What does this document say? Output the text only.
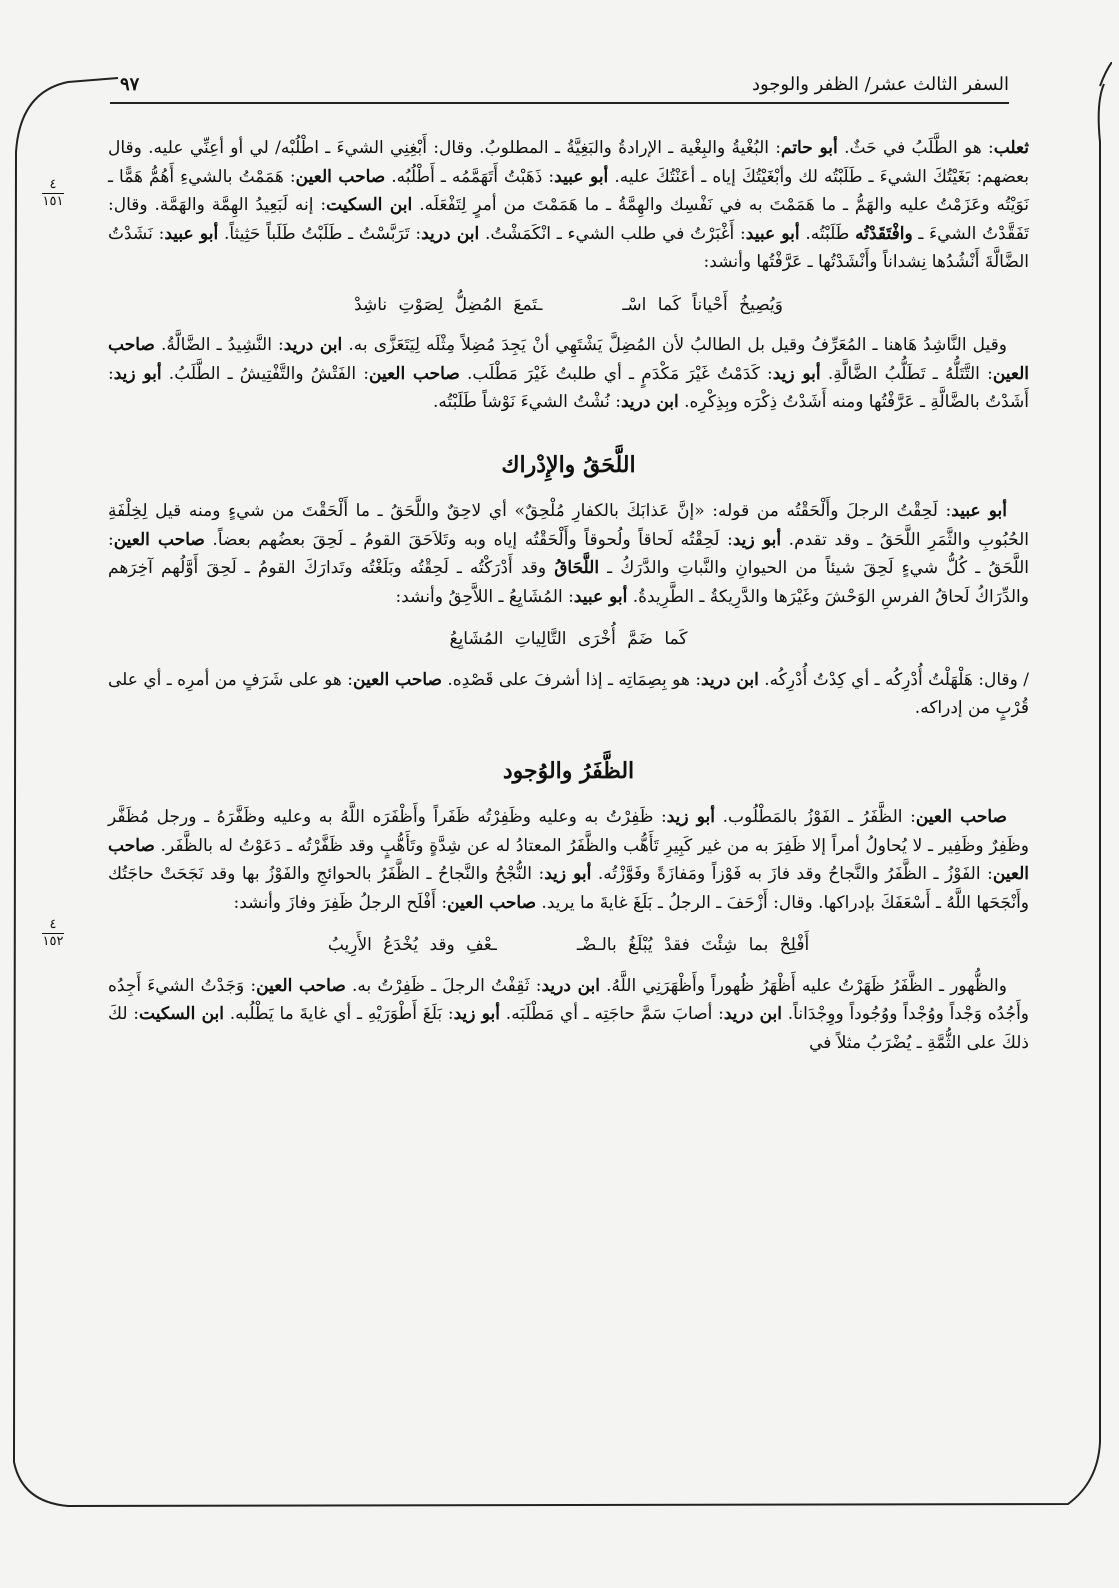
السفر الثالث عشر/ الظفر والوجود
٩٧
٤
١٥١
٤
١٥٢

ثعلب: هو الطَّلَبُ في حَثٌ. أبو حاتم: البُغْيةُ والبِغْية ـ الإرادةُ والبَغِيَّةُ ـ المطلوبُ. وقال: أَبْغِنِي الشيءَ ـ اطْلُبْه/ لي أو أعِنِّي عليه. وقال بعضهم: بَغَيْتُكَ الشيءَ ـ طَلَبْتُه لك وأبْغَيْتُكَ إياه ـ أعَنْتُكَ عليه. أبو عبيد: ذَهَبْتُ أَتَهَمَّمُه ـ أَطْلُبُه. صاحب العين: هَمَمْتُ بالشيءِ أَهُمُّ هَمًّا ـ نَوَيْتُه وعَزَمْتُ عليه والهَمُّ ـ ما هَمَمْتَ به في نَفْسِك والهِمَّةُ ـ ما هَمَمْتَ من أمرٍ لِتَفْعَلَه. ابن السكيت: إنه لَبَعِيدُ الهِمَّة والهَمَّة. وقال: تَفَقَّدْتُ الشيءَ ـ وافْتَقَدْتُه طَلَبْتُه. أبو عبيد: أَغْبَرْتُ في طلب الشيء ـ انْكَمَشْتُ. ابن دريد: تَرَبَّسْتُ ـ طَلَبْتُ طَلَباً حَثِيثاً. أبو عبيد: نَشَدْتُ الضَّالَّةَ أَنْشُدُها نِشداناً وأَنْشَدْتُها ـ عَرَّفْتُها وأنشد:

وَيُصِيخُ أَحْياناً كَما اسْــتَمعَ المُضِلُّ لِصَوْتِ ناشِدْ

وقيل النَّاشِدُ هَاهنا ـ المُعَرِّفُ وقيل بل الطالبُ لأن المُضِلَّ يَشْتَهِي أنْ يَجِدَ مُضِلاً مِثْلَه لِيَتَعَزَّى به. ابن دريد: النَّشِيدُ ـ الضَّالَّةُ. صاحب العين: التَّتَلُّهُ ـ تَطَلُّبُ الضَّالَّةِ. أبو زيد: كَدَمْتُ غَيْرَ مَكْدَمٍ ـ أي طلبتُ غَيْرَ مَطْلَب. صاحب العين: الفَتْشُ والتَّفْتِيشُ ـ الطَّلَبُ. أبو زيد: أَشَدْتُ بالضَّالَّةِ ـ عَرَّفْتُها ومنه أَشَدْتُ ذِكْرَه وبِذِكْرِه. ابن دريد: نُشْتُ الشيءَ نَوْشاً طَلَبْتُه.

اللَّحَقُ والإِدْراك

أبو عبيد: لَحِقْتُ الرجلَ وأَلْحَقْتُه من قوله: «إنَّ عَذابَكَ بالكفارِ مُلْحِقٌ» أي لاحِقٌ واللَّحَقُ ـ ما أَلْحَقْتَ من شيءٍ ومنه قيل لِخِلْفَةِ الحُبُوبِ والثَّمَرِ اللَّحَقُ ـ وقد تقدم. أبو زيد: لَحِقْتُه لَحاقاً ولُحوقاً وأَلْحَقْتُه إياه وبه وتَلاَحَقَ القومُ ـ لَحِقَ بعضُهم بعضاً. صاحب العين: اللَّحَقُ ـ كُلُّ شيءٍ لَحِقَ شيئاً من الحيوانِ والنَّباتِ والدَّرَكُ ـ اللَّحَاقُ وقد أَدْرَكْتُه ـ لَحِقْتُه وبَلَغْتُه وتَدارَكَ القومُ ـ لَحِقَ أَوَّلُهم آخِرَهم والدِّرَاكُ لَحاقُ الفرسِ الوَحْشَ وغَيْرَها والدَّرِيكةُ ـ الطَّرِيدةُ. أبو عبيد: المُشَايِعُ ـ اللاَّحِقُ وأنشد:

كَما ضَمَّ أُخْرَى التَّالِياتِ المُشَايِعُ

/ وقال: هَلْهَلْتُ أُدْرِكُه ـ أي كِدْتُ أُدْرِكُه. ابن دريد: هو بِصِمَاتِه ـ إذا أشرفَ على قَصْدِه. صاحب العين: هو على شَرَفٍ من أمرِه ـ أي على قُرْبٍ من إدراكه.

الظَّفَرُ والوُجود

صاحب العين: الظَّفَرُ ـ الفَوْزُ بالمَطْلُوب. أبو زيد: ظَفِرْتُ به وعليه وظَفِرْتُه ظَفَراً وأَظْفَرَه اللَّهُ به وعليه وظَفَّرَهُ ـ ورجل مُظَفَّر وظَفِرٌ وظَفِير ـ لا يُحاولُ أمراً إلا ظَفِرَ به من غير كَبِيرِ تَأَهُّب والظَّفَرُ المعتادُ له عن شِدَّةٍ وتَأَهُّبٍ وقد ظَفَّرْتُه ـ دَعَوْتُ له بالظَّفَر. صاحب العين: الفَوْزُ ـ الظَّفَرُ والنَّجاحُ وقد فازَ به فَوْزاً ومَفازَةً وفَوَّزْتُه. أبو زيد: النُّجْحُ والنَّجاحُ ـ الظَّفَرُ بالحوائجِ والفَوْزُ بها وقد نَجَحَتْ حاجَتُك وأَنْجَحَها اللَّهُ ـ أَسْعَفَكَ بإدراكها. وقال: أَزْحَفَ ـ الرجلُ ـ بَلَغَ غايةَ ما يريد. صاحب العين: أَفْلَح الرجلُ ظَفِرَ وفازَ وأنشد:

أَفْلِحْ بما شِئْتَ فقدْ يُبْلَغُ بالـضْــعْفِ وقد يُخْدَعُ الأَرِيبُ

والظُّهور ـ الظَّفَرُ ظَهَرْتُ عليه أَظْهَرُ ظُهوراً وأَظْهَرَنِي اللَّهُ. ابن دريد: ثَقِفْتُ الرجلَ ـ ظَفِرْتُ به. صاحب العين: وَجَدْتُ الشيءَ أَجِدُه وأَجُدُه وَجْداً ووُجْداً ووُجُوداً ووِجْدَاناً. ابن دريد: أصابَ سَمَّ حاجَتِه ـ أي مَطْلَبَه. أبو زيد: بَلَغَ أَطْوَرَيْهِ ـ أي غايةَ ما يَطْلُبه. ابن السكيت: لكَ ذلكَ على الثُّمَّةِ ـ يُضْرَبُ مثلاً في
